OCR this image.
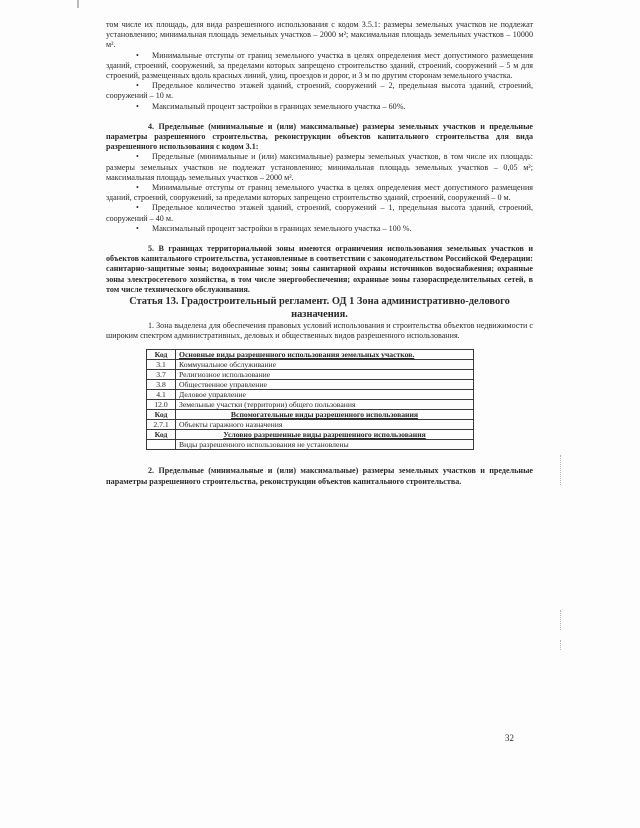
том числе их площадь, для вида разрешенного использования с кодом 3.5.1: размеры земельных участков не подлежат установлению; минимальная площадь земельных участков – 2000 м²; максимальная площадь земельных участков – 10000 м².

• Минимальные отступы от границ земельного участка в целях определения мест допустимого размещения зданий, строений, сооружений, за пределами которых запрещено строительство зданий, строений, сооружений – 5 м для строений, размещенных вдоль красных линий, улиц, проездов и дорог, и 3 м по другим сторонам земельного участка.

• Предельное количество этажей зданий, строений, сооружений – 2, предельная высота зданий, строений, сооружений – 10 м.

• Максимальный процент застройки в границах земельного участка – 60%.

4. Предельные (минимальные и (или) максимальные) размеры земельных участков и предельные параметры разрешенного строительства, реконструкции объектов капитального строительства для вида разрешенного использования с кодом 3.1:

• Предельные (минимальные и (или) максимальные) размеры земельных участков, в том числе их площадь: размеры земельных участков не подлежат установлению; минимальная площадь земельных участков – 0,05 м²; максимальная площадь земельных участков – 2000 м².

• Минимальные отступы от границ земельного участка в целях определения мест допустимого размещения зданий, строений, сооружений, за пределами которых запрещено строительство зданий, строений, сооружений – 0 м.

• Предельное количество этажей зданий, строений, сооружений – 1, предельная высота зданий, строений, сооружений – 40 м.

• Максимальный процент застройки в границах земельного участка – 100 %.

5. В границах территориальной зоны имеются ограничения использования земельных участков и объектов капитального строительства, установленные в соответствии с законодательством Российской Федерации: санитарно-защитные зоны; водоохранные зоны; зоны санитарной охраны источников водоснабжения; охранные зоны электросетевого хозяйства, в том числе энергообеспечения; охранные зоны газораспределительных сетей, в том числе технического обслуживания.

Статья 13. Градостроительный регламент. ОД 1 Зона административно-делового назначения.

1. Зона выделена для обеспечения правовых условий использования и строительства объектов недвижимости с широким спектром административных, деловых и общественных видов разрешенного использования.

Код	Основные виды разрешенного использования земельных участков.
3.1	Коммунальное обслуживание
3.7	Религиозное использование
3.8	Общественное управление
4.1	Деловое управление
12.0	Земельные участки (территории) общего пользования
Код	Вспомогательные виды разрешенного использования
2.7.1	Объекты гаражного назначения
Код	Условно разрешенные виды разрешенного использования
	Виды разрешенного использования не установлены

2. Предельные (минимальные и (или) максимальные) размеры земельных участков и предельные параметры разрешенного строительства, реконструкции объектов капитального строительства.

32
